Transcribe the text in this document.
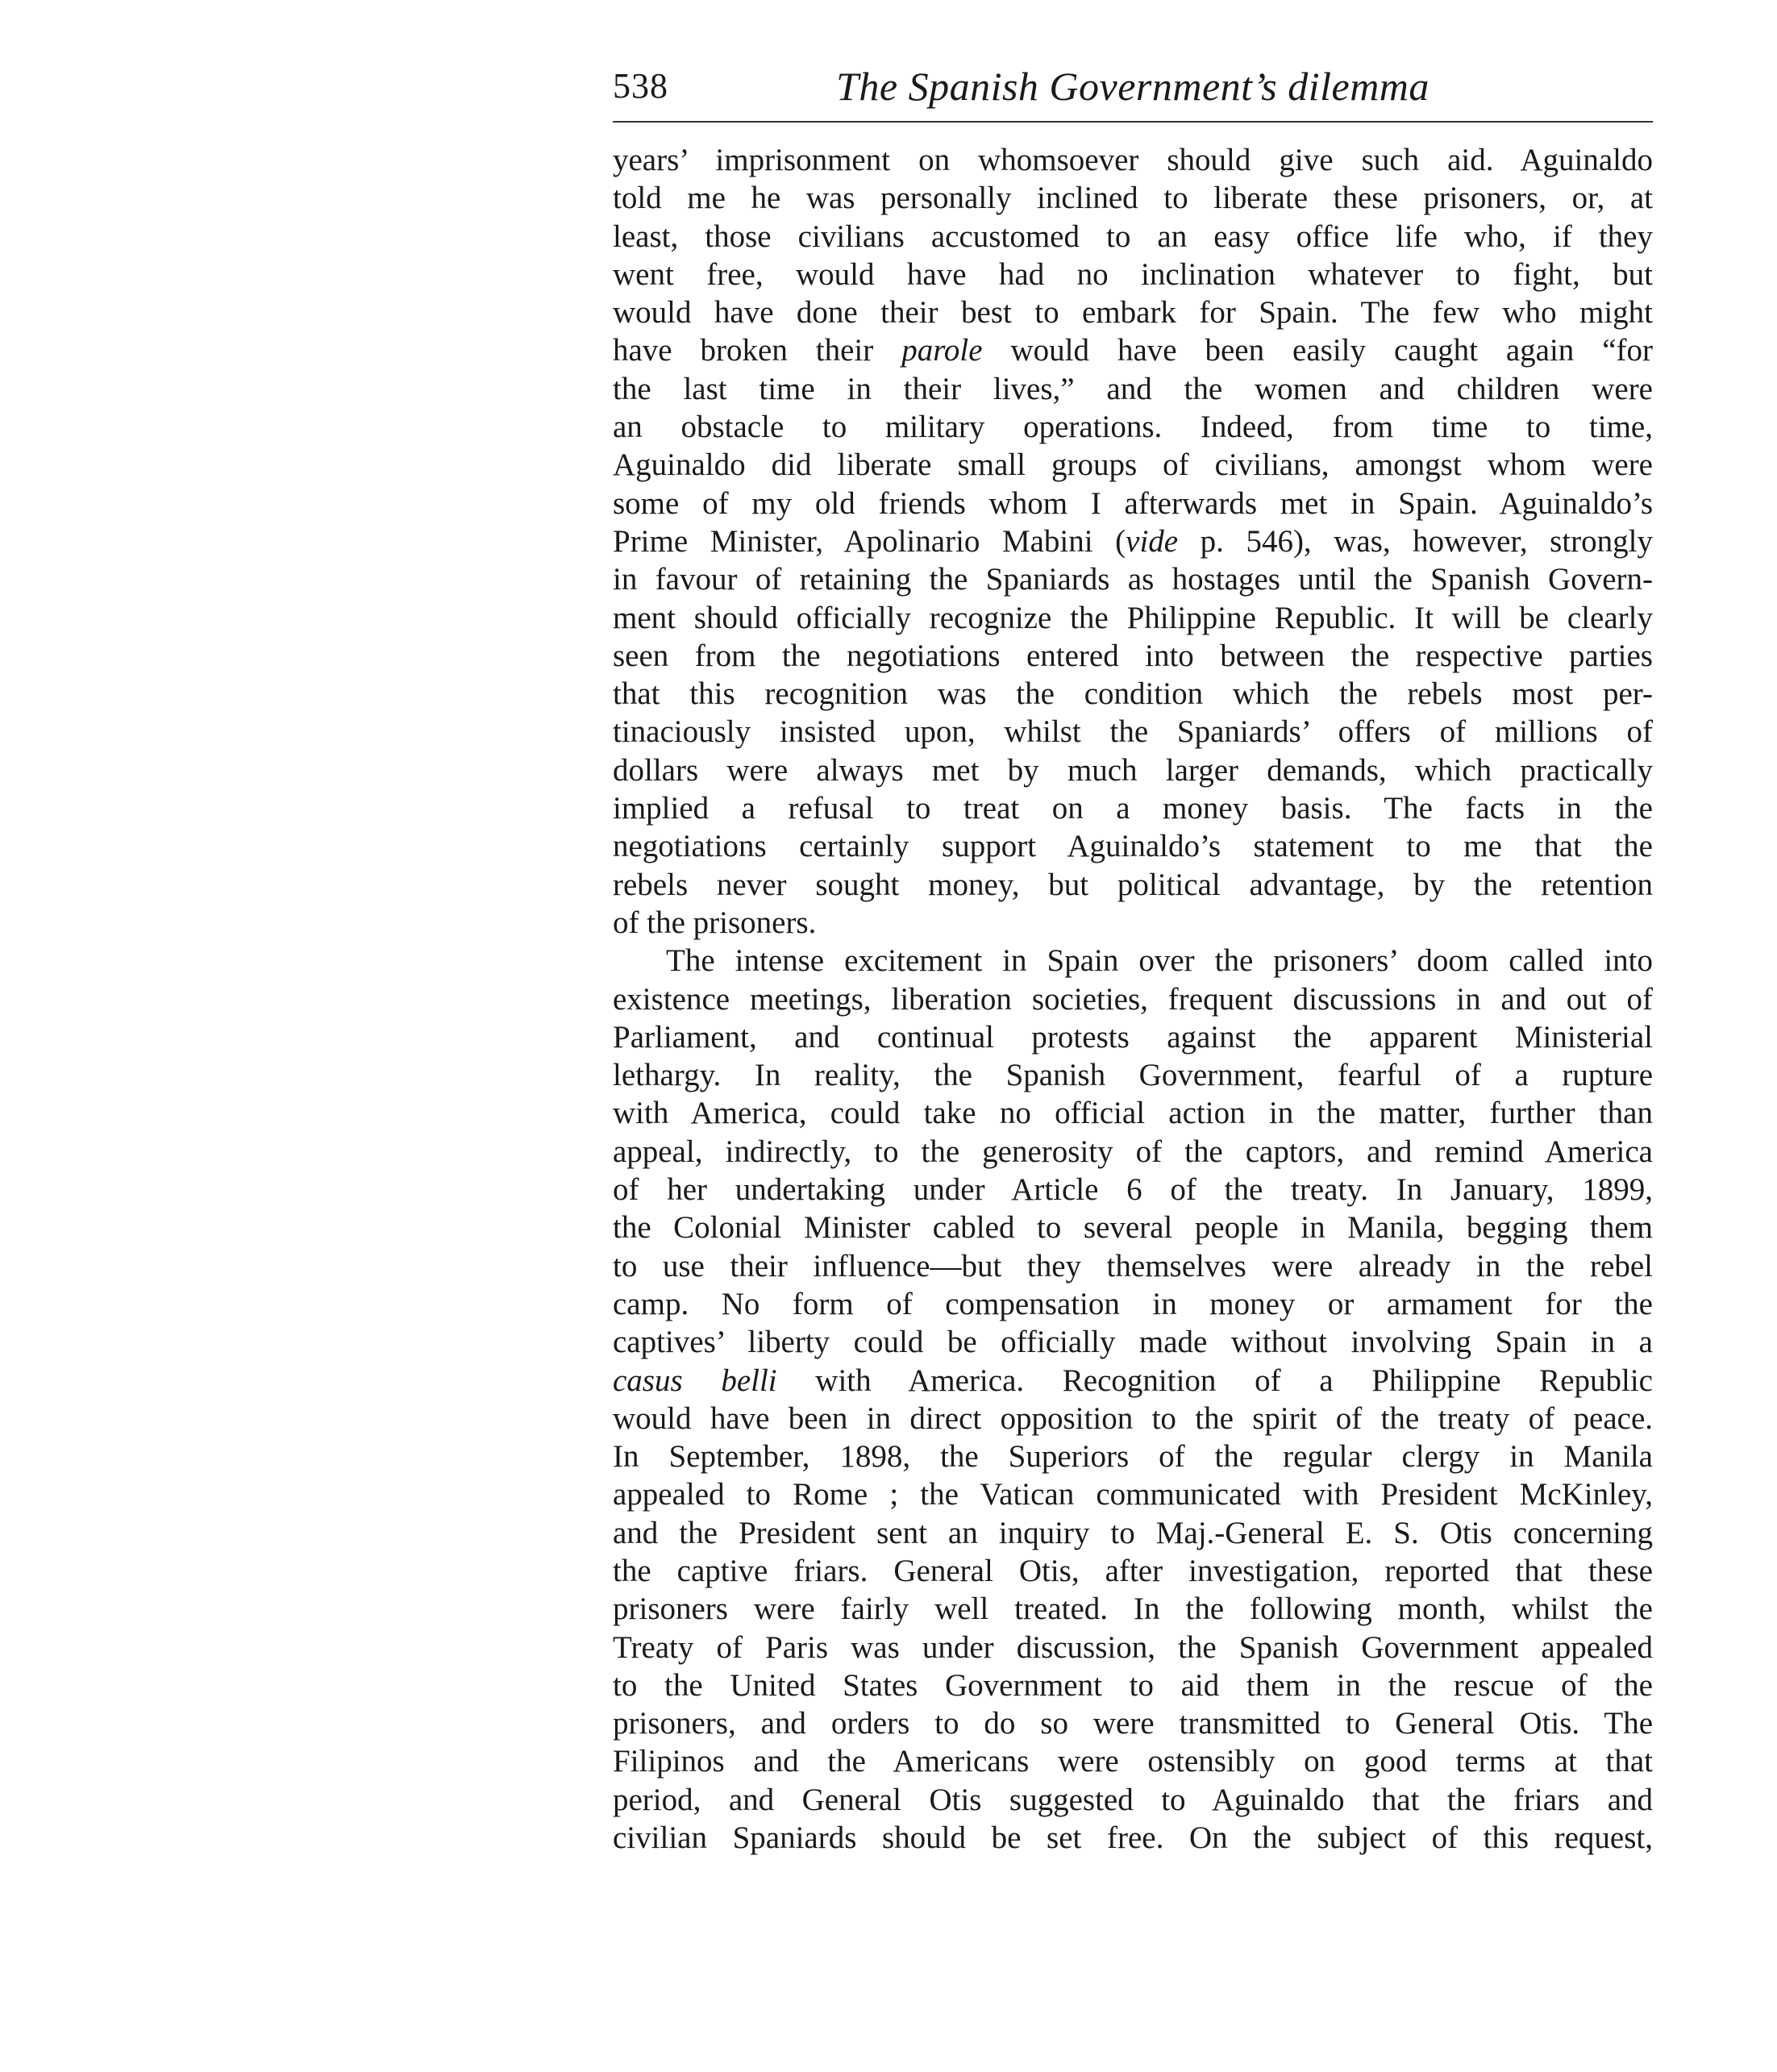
538	The Spanish Government’s dilemma
years’ imprisonment on whomsoever should give such aid. Aguinaldo
told me he was personally inclined to liberate these prisoners, or, at
least, those civilians accustomed to an easy office life who, if they
went free, would have had no inclination whatever to fight, but
would have done their best to embark for Spain. The few who might
have broken their parole would have been easily caught again “for
the last time in their lives,” and the women and children were
an obstacle to military operations. Indeed, from time to time,
Aguinaldo did liberate small groups of civilians, amongst whom were
some of my old friends whom I afterwards met in Spain. Aguinaldo’s
Prime Minister, Apolinario Mabini (vide p. 546), was, however, strongly
in favour of retaining the Spaniards as hostages until the Spanish Govern-
ment should officially recognize the Philippine Republic. It will be clearly
seen from the negotiations entered into between the respective parties
that this recognition was the condition which the rebels most per-
tinaciously insisted upon, whilst the Spaniards’ offers of millions of
dollars were always met by much larger demands, which practically
implied a refusal to treat on a money basis. The facts in the
negotiations certainly support Aguinaldo’s statement to me that the
rebels never sought money, but political advantage, by the retention
of the prisoners.
The intense excitement in Spain over the prisoners’ doom called into
existence meetings, liberation societies, frequent discussions in and out of
Parliament, and continual protests against the apparent Ministerial
lethargy. In reality, the Spanish Government, fearful of a rupture
with America, could take no official action in the matter, further than
appeal, indirectly, to the generosity of the captors, and remind America
of her undertaking under Article 6 of the treaty. In January, 1899,
the Colonial Minister cabled to several people in Manila, begging them
to use their influence—but they themselves were already in the rebel
camp. No form of compensation in money or armament for the
captives’ liberty could be officially made without involving Spain in a
casus belli with America. Recognition of a Philippine Republic
would have been in direct opposition to the spirit of the treaty of peace.
In September, 1898, the Superiors of the regular clergy in Manila
appealed to Rome ; the Vatican communicated with President McKinley,
and the President sent an inquiry to Maj.-General E. S. Otis concerning
the captive friars. General Otis, after investigation, reported that these
prisoners were fairly well treated. In the following month, whilst the
Treaty of Paris was under discussion, the Spanish Government appealed
to the United States Government to aid them in the rescue of the
prisoners, and orders to do so were transmitted to General Otis. The
Filipinos and the Americans were ostensibly on good terms at that
period, and General Otis suggested to Aguinaldo that the friars and
civilian Spaniards should be set free. On the subject of this request,
